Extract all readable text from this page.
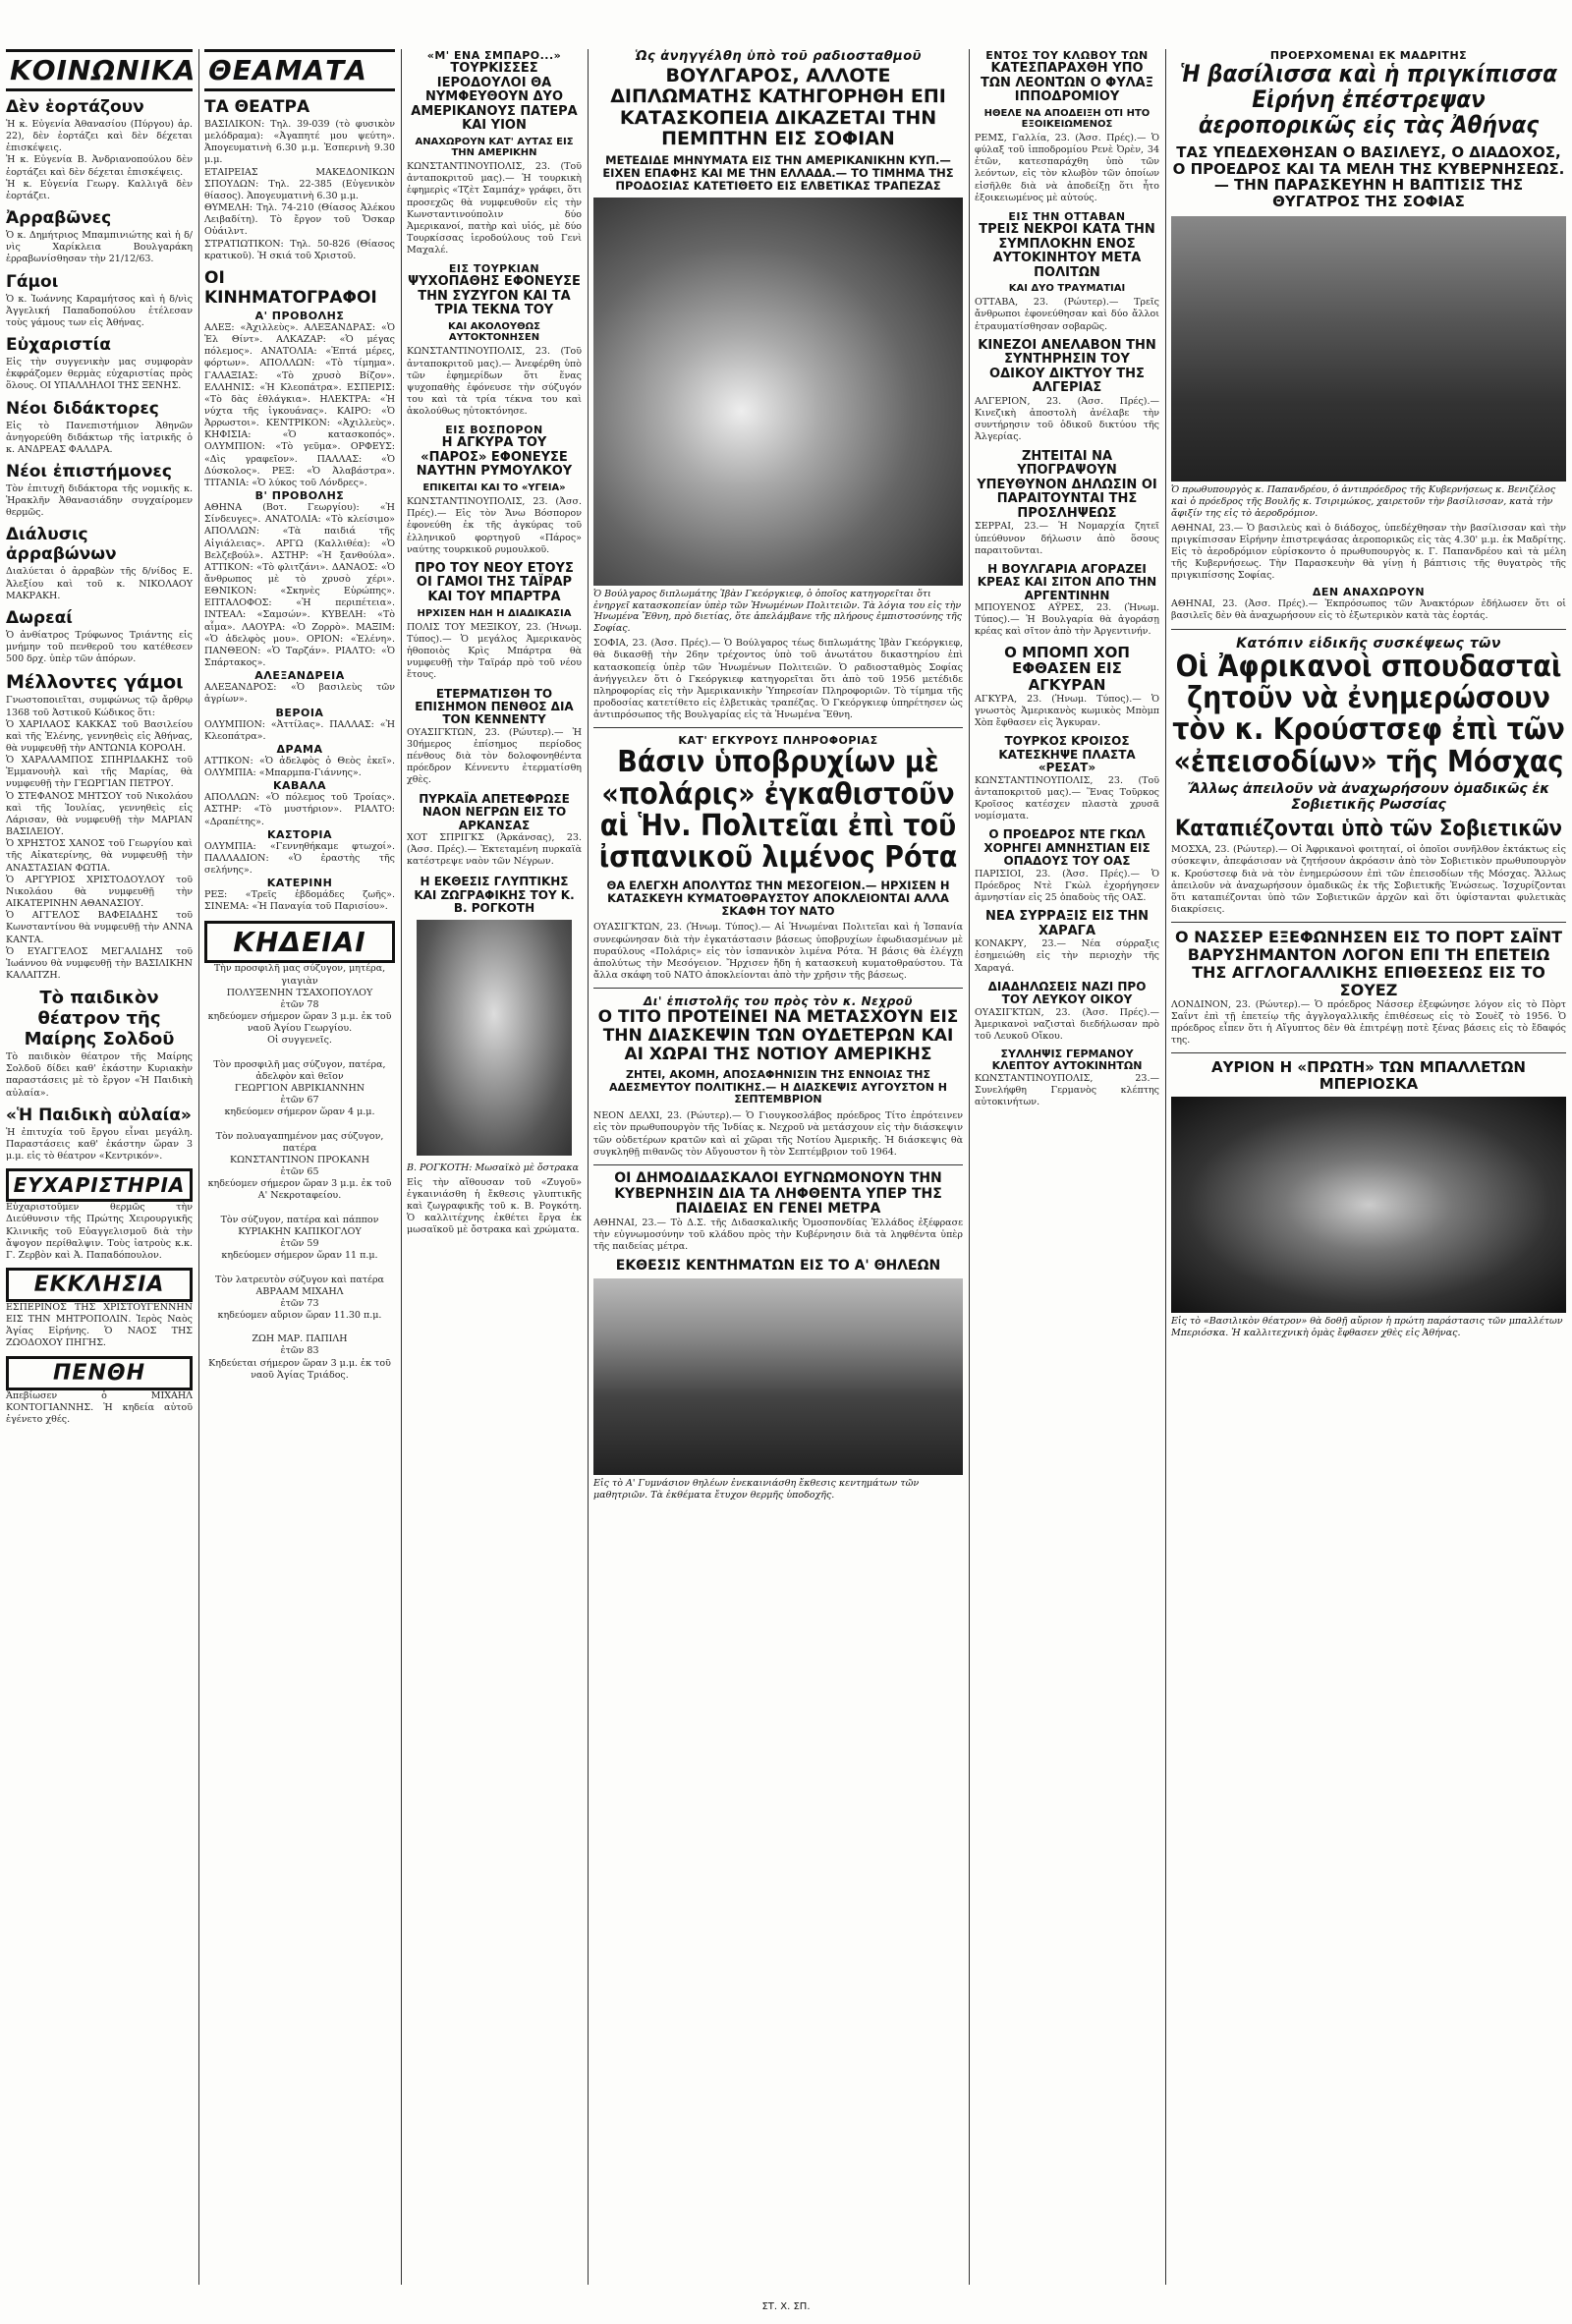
ΚΟΙΝΩΝΙΚΑ
Δὲν ἑορτάζουν
Ἡ κ. Εὐγενία Ἀθανασίου (Πύργου) ἀρ. 22), δὲν ἑορτάζει καὶ δὲν δέχεται ἐπισκέψεις.
Ἡ κ. Εὐγενία Β. Ἀνδριανοπούλου δὲν ἑορτάζει καὶ δὲν δέχεται ἐπισκέψεις.
Ἡ κ. Εὐγενία Γεωργ. Καλλιγᾶ δὲν ἑορτάζει.
Ἀρραβῶνες
Ὁ κ. Δημήτριος Μπαμπινιώτης καὶ ἡ δ/νὶς Χαρίκλεια Βουλγαράκη ἐρραβωνίσθησαν τὴν 21/12/63.
Γάμοι
Ὁ κ. Ἰωάννης Καραμήτσος καὶ ἡ δ/νὶς Ἀγγελική Παπαδοπούλου ἐτέλεσαν τοὺς γάμους των εἰς Ἀθήνας.
Εὐχαριστία
Εἰς τὴν συγγενικὴν μας συμφορὰν ἐκφράζομεν θερμὰς εὐχαριστίας πρὸς ὅλους. ΟΙ ΥΠΑΛΛΗΛΟΙ ΤΗΣ ΞΕΝΗΣ.
Νέοι διδάκτορες
Εἰς τὸ Πανεπιστήμιον Ἀθηνῶν ἀνηγορεύθη διδάκτωρ τῆς ἰατρικῆς ὁ κ. ΑΝΔΡΕΑΣ ΦΑΛΔΡΑ.
Νέοι ἐπιστήμονες
Τὸν ἐπιτυχῆ διδάκτορα τῆς νομικῆς κ. Ἡρακλῆν Ἀθανασιάδην συγχαίρομεν θερμῶς.
Διάλυσις ἀρραβώνων
Διαλύεται ὁ ἀρραβὼν τῆς δ/νίδος Ε. Ἀλεξίου καὶ τοῦ κ. ΝΙΚΟΛΑΟΥ ΜΑΚΡΑΚΗ.
Δωρεαί
Ὁ ἀνθίατρος Τρύφωνος Τριάντης εἰς μνήμην τοῦ πενθεροῦ του κατέθεσεν 500 δρχ. ὑπὲρ τῶν ἀπόρων.
Μέλλοντες γάμοι
Γνωστοποιεῖται, συμφώνως τῷ ἄρθρῳ 1368 τοῦ Ἀστικοῦ Κώδικος ὅτι:
Ὁ ΧΑΡΙΛΑΟΣ ΚΑΚΚΑΣ τοῦ Βασιλείου καὶ τῆς Ἐλένης, γεννηθεὶς εἰς Ἀθήνας, θὰ νυμφευθῇ τὴν ΑΝΤΩΝΙΑ ΚΟΡΟΛΗ.
Ὁ ΧΑΡΑΛΑΜΠΟΣ ΣΠΗΡΙΔΑΚΗΣ τοῦ Ἐμμανουὴλ καὶ τῆς Μαρίας, θὰ νυμφευθῇ τὴν ΓΕΩΡΓΙΑΝ ΠΕΤΡΟΥ.
Ὁ ΣΤΕΦΑΝΟΣ ΜΗΤΣΟΥ τοῦ Νικολάου καὶ τῆς Ἰουλίας, γεννηθεὶς εἰς Λάρισαν, θὰ νυμφευθῇ τὴν ΜΑΡΙΑΝ ΒΑΣΙΛΕΙΟΥ.
Ὁ ΧΡΗΣΤΟΣ ΧΑΝΟΣ τοῦ Γεωργίου καὶ τῆς Αἰκατερίνης, θὰ νυμφευθῇ τὴν ΑΝΑΣΤΑΣΙΑΝ ΦΩΤΙΑ.
Ὁ ΑΡΓΥΡΙΟΣ ΧΡΙΣΤΟΔΟΥΛΟΥ τοῦ Νικολάου θὰ νυμφευθῇ τὴν ΑΙΚΑΤΕΡΙΝΗΝ ΑΘΑΝΑΣΙΟΥ.
Ὁ ΑΓΓΕΛΟΣ ΒΑΦΕΙΑΔΗΣ τοῦ Κωνσταντίνου θὰ νυμφευθῇ τὴν ΑΝΝΑ ΚΑΝΤΑ.
Ὁ ΕΥΑΓΓΕΛΟΣ ΜΕΓΑΛΙΔΗΣ τοῦ Ἰωάννου θὰ νυμφευθῇ τὴν ΒΑΣΙΛΙΚΗΝ ΚΑΛΑΙΤΖΗ.
Τὸ παιδικὸν θέατρον τῆς Μαίρης Σολδοῦ
Τὸ παιδικὸν θέατρον τῆς Μαίρης Σολδοῦ δίδει καθ' ἑκάστην Κυριακὴν παραστάσεις μὲ τὸ ἔργον «Ἡ Παιδικὴ αὐλαία».
«Ἡ Παιδικὴ αὐλαία»
Ἡ ἐπιτυχία τοῦ ἔργου εἶναι μεγάλη. Παραστάσεις καθ' ἑκάστην ὥραν 3 μ.μ. εἰς τὸ θέατρον «Κεντρικόν».
ΕΥΧΑΡΙΣΤΗΡΙΑ
Εὐχαριστοῦμεν θερμῶς τὴν Διεύθυνσιν τῆς Πρώτης Χειρουργικῆς Κλινικῆς τοῦ Εὐαγγελισμοῦ διὰ τὴν ἄψογον περίθαλψιν. Τοὺς ἰατροὺς κ.κ. Γ. Ζερβὸν καὶ Ἀ. Παπαδόπουλον.
ΕΚΚΛΗΣΙΑ
ΕΣΠΕΡΙΝΟΣ ΤΗΣ ΧΡΙΣΤΟΥΓΕΝΝΗΝ ΕΙΣ ΤΗΝ ΜΗΤΡΟΠΟΛΙΝ. Ἱερὸς Ναὸς Ἁγίας Εἰρήνης. Ὁ ΝΑΟΣ ΤΗΣ ΖΩΟΔΟΧΟΥ ΠΗΓΗΣ.
ΠΕΝΘΗ
Ἀπεβίωσεν ὁ ΜΙΧΑΗΛ ΚΟΝΤΟΓΙΑΝΝΗΣ. Ἡ κηδεία αὐτοῦ ἐγένετο χθές.
ΘΕΑΜΑΤΑ
ΤΑ ΘΕΑΤΡΑ
ΒΑΣΙΛΙΚΟΝ: Τηλ. 39-039 (τὸ φυσικὸν μελόδραμα): «Ἀγαπητέ μου ψεύτη». Ἀπογευματινὴ 6.30 μ.μ. Ἑσπερινὴ 9.30 μ.μ.
ΕΤΑΙΡΕΙΑΣ ΜΑΚΕΔΟΝΙΚΩΝ ΣΠΟΥΔΩΝ: Τηλ. 22-385 (Εὐγενικὸν θίασος). Ἀπογευματινὴ 6.30 μ.μ.
ΘΥΜΕΛΗ: Τηλ. 74-210 (Θίασος Ἀλέκου Λειβαδίτη). Τὸ ἔργον τοῦ Ὄσκαρ Οὐάιλντ.
ΣΤΡΑΤΙΩΤΙΚΟΝ: Τηλ. 50-826 (Θίασος κρατικοῦ). Ἡ σκιά τοῦ Χριστοῦ.
ΟΙ ΚΙΝΗΜΑΤΟΓΡΑΦΟΙ
Α' ΠΡΟΒΟΛΗΣ
ΑΛΕΞ: «Ἀχιλλεὺς». ΑΛΕΞΑΝΔΡΑΣ: «Ὁ Ἑλ Θίντ». ΑΛΚΑΖΑΡ: «Ὁ μέγας πόλεμος». ΑΝΑΤΟΛΙΑ: «Ἐπτά μέρες, φόρτων». ΑΠΟΛΛΩΝ: «Τὸ τίμημα». ΓΑΛΑΞΙΑΣ: «Τὸ χρυσὸ Βίζον». ΕΛΛΗΝΙΣ: «Ἡ Κλεοπάτρα». ΕΣΠΕΡΙΣ: «Τὸ δὰς ἐθλάγκια». ΗΛΕΚΤΡΑ: «Ἡ νύχτα τῆς ἰγκουάνας». ΚΑΙΡΟ: «Ὁ Ἀρρωστοι». ΚΕΝΤΡΙΚΟΝ: «Ἀχιλλεὺς». ΚΗΦΙΣΙΑ: «Ὁ κατασκοπός». ΟΛΥΜΠΙΟΝ: «Τὸ γεῦμα». ΟΡΦΕΥΣ: «Δὶς γραφεῖον». ΠΑΛΛΑΣ: «Ὁ Δύσκολος». ΡΕΞ: «Ὁ Ἀλαβάστρα». ΤΙΤΑΝΙΑ: «Ὁ λύκος τοῦ Λόνδρες».
Β' ΠΡΟΒΟΛΗΣ
ΑΘΗΝΑ (Βοτ. Γεωργίου): «Ἡ Σίνδευγες». ΑΝΑΤΟΛΙΑ: «Τὸ κλείσιμο» ΑΠΟΛΛΩΝ: «Τὰ παιδιά τῆς Αἰγιάλειας». ΑΡΓΩ (Καλλιθέα): «Ὁ Βελζεβούλ». ΑΣΤΗΡ: «Ἡ ξανθούλα». ΑΤΤΙΚΟΝ: «Τὸ φλιτζάνι». ΔΑΝΑΟΣ: «Ὁ ἄνθρωπος μὲ τὸ χρυσὸ χέρι». ΕΘΝΙΚΟΝ: «Σκηνὲς Εὐρώπης». ΕΠΤΑΛΟΦΟΣ: «Ἡ περιπέτεια». ΙΝΤΕΑΛ: «Σαμσών». ΚΥΒΕΛΗ: «Τὸ αἷμα». ΛΑΟΥΡΑ: «Ὁ Ζορρὸ». ΜΑΞΙΜ: «Ὁ ἀδελφὸς μου». ΟΡΙΟΝ: «Ἐλένη». ΠΑΝΘΕΟΝ: «Ὁ Ταρζάν». ΡΙΑΛΤΟ: «Ὁ Σπάρτακος».
ΑΛΕΞΑΝΔΡΕΙΑ
ΑΛΕΞΑΝΔΡΟΣ: «Ὁ βασιλεὺς τῶν ἀγρίων».
ΒΕΡΟΙΑ
ΟΛΥΜΠΙΟΝ: «Ἀττίλας». ΠΑΛΛΑΣ: «Ἡ Κλεοπάτρα».
ΔΡΑΜΑ
ΑΤΤΙΚΟΝ: «Ὁ ἀδελφὸς ὁ Θεὸς ἐκεῖ». ΟΛΥΜΠΙΑ: «Μπαρμπα-Γιάννης».
ΚΑΒΑΛΑ
ΑΠΟΛΛΩΝ: «Ὁ πόλεμος τοῦ Τροίας». ΑΣΤΗΡ: «Τὸ μυστήριον». ΡΙΑΛΤΟ: «Δραπέτης».
ΚΑΣΤΟΡΙΑ
ΟΛΥΜΠΙΑ: «Γεννηθήκαμε φτωχοί». ΠΑΛΛΑΔΙΟΝ: «Ὁ ἐραστὴς τῆς σελήνης».
ΚΑΤΕΡΙΝΗ
ΡΕΞ: «Τρεῖς ἑβδομάδες ζωῆς». ΣΙΝΕΜΑ: «Ἡ Παναγία τοῦ Παρισίου».
ΚΗΔΕΙΑΙ
Τὴν προσφιλῆ μας σύζυγον, μητέρα, γιαγιὰν
ΠΟΛΥΞΕΝΗΝ ΤΣΑΧΟΠΟΥΛΟΥ
ἐτῶν 78
κηδεύομεν σήμερον ὥραν 3 μ.μ. ἐκ τοῦ ναοῦ Ἁγίου Γεωργίου.
Οἱ συγγενεῖς.

Τὸν προσφιλῆ μας σύζυγον, πατέρα, ἀδελφὸν καὶ θεῖον
ΓΕΩΡΓΙΟΝ ΑΒΡΙΚΙΑΝΝΗΝ
ἐτῶν 67
κηδεύομεν σήμερον ὥραν 4 μ.μ.

Τὸν πολυαγαπημένον μας σύζυγον, πατέρα
ΚΩΝΣΤΑΝΤΙΝΟΝ ΠΡΟΚΑΝΗ
ἐτῶν 65
κηδεύομεν σήμερον ὥραν 3 μ.μ. ἐκ τοῦ Α' Νεκροταφείου.

Τὸν σύζυγον, πατέρα καὶ πάππον
ΚΥΡΙΑΚΗΝ ΚΑΠΙΚΟΓΛΟΥ
ἐτῶν 59
κηδεύομεν σήμερον ὥραν 11 π.μ.

Τὸν λατρευτὸν σύζυγον καὶ πατέρα
ΑΒΡΑΑΜ ΜΙΧΑΗΛ
ἐτῶν 73
κηδεύομεν αὔριον ὥραν 11.30 π.μ.

ΖΩΗ ΜΑΡ. ΠΑΠΙΛΗ
ἐτῶν 83
Κηδεύεται σήμερον ὥραν 3 μ.μ. ἐκ τοῦ ναοῦ Ἁγίας Τριάδος.
«Μ' ΕΝΑ ΣΜΠΑΡΟ...»
ΤΟΥΡΚΙΣΣΕΣ ΙΕΡΟΔΟΥΛΟΙ ΘΑ ΝΥΜΦΕΥΘΟΥΝ ΔΥΟ ΑΜΕΡΙΚΑΝΟΥΣ ΠΑΤΕΡΑ ΚΑΙ ΥΙΟΝ
ΑΝΑΧΩΡΟΥΝ ΚΑΤ' ΑΥΤΑΣ ΕΙΣ ΤΗΝ ΑΜΕΡΙΚΗΝ
ΚΩΝΣΤΑΝΤΙΝΟΥΠΟΛΙΣ, 23. (Τοῦ ἀνταποκριτοῦ μας).— Ἡ τουρκικὴ ἐφημερὶς «Τζὲτ Σαμπάχ» γράφει, ὅτι προσεχῶς θὰ νυμφευθοῦν εἰς τὴν Κωνσταντινούπολιν δύο Ἀμερικανοί, πατὴρ καὶ υἱός, μὲ δύο Τουρκίσσας ἱεροδούλους τοῦ Γενὶ Μαχαλέ.
ΕΙΣ ΤΟΥΡΚΙΑΝ
ΨΥΧΟΠΑΘΗΣ ΕΦΟΝΕΥΣΕ ΤΗΝ ΣΥΖΥΓΟΝ ΚΑΙ ΤΑ ΤΡΙΑ ΤΕΚΝΑ ΤΟΥ
ΚΑΙ ΑΚΟΛΟΥΘΩΣ ΑΥΤΟΚΤΟΝΗΣΕΝ
ΚΩΝΣΤΑΝΤΙΝΟΥΠΟΛΙΣ, 23. (Τοῦ ἀνταποκριτοῦ μας).— Ἀνεφέρθη ὑπὸ τῶν ἐφημερίδων ὅτι ἕνας ψυχοπαθὴς ἐφόνευσε τὴν σύζυγόν του καὶ τὰ τρία τέκνα του καὶ ἀκολούθως ηὐτοκτόνησε.
ΕΙΣ ΒΟΣΠΟΡΟΝ
Η ΑΓΚΥΡΑ ΤΟΥ «ΠΑΡΟΣ» ΕΦΟΝΕΥΣΕ ΝΑΥΤΗΝ ΡΥΜΟΥΛΚΟΥ
ΕΠΙΚΕΙΤΑΙ ΚΑΙ ΤΟ «ΥΓΕΙΑ»
ΚΩΝΣΤΑΝΤΙΝΟΥΠΟΛΙΣ, 23. (Ἀσσ. Πρές).— Εἰς τὸν Ἄνω Βόσπορον ἐφονεύθη ἐκ τῆς ἀγκύρας τοῦ ἑλληνικοῦ φορτηγοῦ «Πάρος» ναύτης τουρκικοῦ ρυμουλκοῦ.
ΠΡΟ ΤΟΥ ΝΕΟΥ ΕΤΟΥΣ ΟΙ ΓΑΜΟΙ ΤΗΣ ΤΑΪΡΑΡ ΚΑΙ ΤΟΥ ΜΠΑΡΤΡΑ
ΗΡΧΙΣΕΝ ΗΔΗ Η ΔΙΑΔΙΚΑΣΙΑ
ΠΟΛΙΣ ΤΟΥ ΜΕΞΙΚΟΥ, 23. (Ἡνωμ. Τύπος).— Ὁ μεγάλος Ἀμερικανὸς ἡθοποιὸς Κρὶς Μπάρτρα θὰ νυμφευθῇ τὴν Ταϊράρ πρὸ τοῦ νέου ἔτους.
ΕΤΕΡΜΑΤΙΣΘΗ ΤΟ ΕΠΙΣΗΜΟΝ ΠΕΝΘΟΣ ΔΙΑ ΤΟΝ ΚΕΝΝΕΝΤΥ
ΟΥΑΣΙΓΚΤΩΝ, 23. (Ρώυτερ).— Ἡ 30ήμερος ἐπίσημος περίοδος πένθους διὰ τὸν δολοφονηθέντα πρόεδρον Κέννεντυ ἐτερματίσθη χθὲς.
ΠΥΡΚΑΪΑ ΑΠΕΤΕΦΡΩΣΕ ΝΑΟΝ ΝΕΓΡΩΝ ΕΙΣ ΤΟ ΑΡΚΑΝΣΑΣ
ΧΟΤ ΣΠΡΙΓΚΣ (Ἀρκάνσας), 23. (Ἀσσ. Πρές).— Ἐκτεταμένη πυρκαϊὰ κατέστρεψε ναὸν τῶν Νέγρων.
Η ΕΚΘΕΣΙΣ ΓΛΥΠΤΙΚΗΣ ΚΑΙ ΖΩΓΡΑΦΙΚΗΣ ΤΟΥ Κ. Β. ΡΟΓΚΟΤΗ
Β. ΡΟΓΚΟΤΗ: Μωσαϊκὸ μὲ ὄστρακα
Εἰς τὴν αἴθουσαν τοῦ «Ζυγοῦ» ἐγκαινιάσθη ἡ ἔκθεσις γλυπτικῆς καὶ ζωγραφικῆς τοῦ κ. Β. Ρογκότη. Ὁ καλλιτέχνης ἐκθέτει ἔργα ἐκ μωσαϊκοῦ μὲ ὄστρακα καὶ χρώματα.
Ὡς ἀνηγγέλθη ὑπὸ τοῦ ραδιοσταθμοῦ
ΒΟΥΛΓΑΡΟΣ, ΑΛΛΟΤΕ ΔΙΠΛΩΜΑΤΗΣ ΚΑΤΗΓΟΡΗΘΗ ΕΠΙ ΚΑΤΑΣΚΟΠΕΙΑ ΔΙΚΑΖΕΤΑΙ ΤΗΝ ΠΕΜΠΤΗΝ ΕΙΣ ΣΟΦΙΑΝ
ΜΕΤΕΔΙΔΕ ΜΗΝΥΜΑΤΑ ΕΙΣ ΤΗΝ ΑΜΕΡΙΚΑΝΙΚΗΝ ΚΥΠ.— ΕΙΧΕΝ ΕΠΑΦΗΣ ΚΑΙ ΜΕ ΤΗΝ ΕΛΛΑΔΑ.— ΤΟ ΤΙΜΗΜΑ ΤΗΣ ΠΡΟΔΟΣΙΑΣ ΚΑΤΕΤΙΘΕΤΟ ΕΙΣ ΕΛΒΕΤΙΚΑΣ ΤΡΑΠΕΖΑΣ
Ὁ Βούλγαρος διπλωμάτης Ἰβὰν Γκεόργκιεφ, ὁ ὁποῖος κατηγορεῖται ὅτι ἐνηργεῖ κατασκοπείαν ὑπὲρ τῶν Ἡνωμένων Πολιτειῶν. Τὰ λόγια του εἰς τὴν Ἡνωμένα Ἔθνη, πρὸ διετίας, ὅτε ἀπελάμβανε τῆς πλήρους ἐμπιστοσύνης τῆς Σοφίας.
ΣΟΦΙΑ, 23. (Ἀσσ. Πρές).— Ὁ Βούλγαρος τέως διπλωμάτης Ἰβὰν Γκεόργκιεφ, θὰ δικασθῇ τὴν 26ην τρέχοντος ὑπὸ τοῦ ἀνωτάτου δικαστηρίου ἐπὶ κατασκοπείᾳ ὑπὲρ τῶν Ἡνωμένων Πολιτειῶν. Ὁ ραδιοσταθμὸς Σοφίας ἀνήγγειλεν ὅτι ὁ Γκεόργκιεφ κατηγορεῖται ὅτι ἀπὸ τοῦ 1956 μετέδιδε πληροφορίας εἰς τὴν Ἀμερικανικὴν Ὑπηρεσίαν Πληροφοριῶν. Τὸ τίμημα τῆς προδοσίας κατετίθετο εἰς ἐλβετικὰς τραπέζας. Ὁ Γκεόργκιεφ ὑπηρέτησεν ὡς ἀντιπρόσωπος τῆς Βουλγαρίας εἰς τὰ Ἡνωμένα Ἔθνη.
ΚΑΤ' ΕΓΚΥΡΟΥΣ ΠΛΗΡΟΦΟΡΙΑΣ
Βάσιν ὑποβρυχίων μὲ «πολάρις» ἐγκαθιστοῦν αἱ Ἡν. Πολιτεῖαι ἐπὶ τοῦ ἰσπανικοῦ λιμένος Ρότα
ΘΑ ΕΛΕΓΧΗ ΑΠΟΛΥΤΩΣ ΤΗΝ ΜΕΣΟΓΕΙΟΝ.— ΗΡΧΙΣΕΝ Η ΚΑΤΑΣΚΕΥΗ ΚΥΜΑΤΟΘΡΑΥΣΤΟΥ ΑΠΟΚΛΕΙΟΝΤΑΙ ΑΛΛΑ ΣΚΑΦΗ ΤΟΥ ΝΑΤΟ
ΟΥΑΣΙΓΚΤΩΝ, 23. (Ἡνωμ. Τύπος).— Αἱ Ἡνωμέναι Πολιτεῖαι καὶ ἡ Ἰσπανία συνεφώνησαν διὰ τὴν ἐγκατάστασιν βάσεως ὑποβρυχίων ἐφωδιασμένων μὲ πυραύλους «Πολάρις» εἰς τὸν ἰσπανικὸν λιμένα Ρότα. Ἡ βάσις θὰ ἐλέγχῃ ἀπολύτως τὴν Μεσόγειον. Ἤρχισεν ἤδη ἡ κατασκευὴ κυματοθραύστου. Τὰ ἄλλα σκάφη τοῦ ΝΑΤΟ ἀποκλείονται ἀπὸ τὴν χρῆσιν τῆς βάσεως.
Δι' ἐπιστολῆς του πρὸς τὸν κ. Νεχροῦ
Ο ΤΙΤΟ ΠΡΟΤΕΙΝΕΙ ΝΑ ΜΕΤΑΣΧΟΥΝ ΕΙΣ ΤΗΝ ΔΙΑΣΚΕΨΙΝ ΤΩΝ ΟΥΔΕΤΕΡΩΝ ΚΑΙ ΑΙ ΧΩΡΑΙ ΤΗΣ ΝΟΤΙΟΥ ΑΜΕΡΙΚΗΣ
ΖΗΤΕΙ, ΑΚΟΜΗ, ΑΠΟΣΑΦΗΝΙΣΙΝ ΤΗΣ ΕΝΝΟΙΑΣ ΤΗΣ ΑΔΕΣΜΕΥΤΟΥ ΠΟΛΙΤΙΚΗΣ.— Η ΔΙΑΣΚΕΨΙΣ ΑΥΓΟΥΣΤΟΝ Η ΣΕΠΤΕΜΒΡΙΟΝ
ΝΕΟΝ ΔΕΛΧΙ, 23. (Ρώυτερ).— Ὁ Γιουγκοσλάβος πρόεδρος Τίτο ἐπρότεινεν εἰς τὸν πρωθυπουργὸν τῆς Ἰνδίας κ. Νεχροῦ νὰ μετάσχουν εἰς τὴν διάσκεψιν τῶν οὐδετέρων κρατῶν καὶ αἱ χῶραι τῆς Νοτίου Ἀμερικῆς. Ἡ διάσκεψις θὰ συγκληθῇ πιθανῶς τὸν Αὔγουστον ἢ τὸν Σεπτέμβριον τοῦ 1964.
ΟΙ ΔΗΜΟΔΙΔΑΣΚΑΛΟΙ ΕΥΓΝΩΜΟΝΟΥΝ ΤΗΝ ΚΥΒΕΡΝΗΣΙΝ ΔΙΑ ΤΑ ΛΗΦΘΕΝΤΑ ΥΠΕΡ ΤΗΣ ΠΑΙΔΕΙΑΣ ΕΝ ΓΕΝΕΙ ΜΕΤΡΑ
ΑΘΗΝΑΙ, 23.— Τὸ Δ.Σ. τῆς Διδασκαλικῆς Ὁμοσπονδίας Ἑλλάδος ἐξέφρασε τὴν εὐγνωμοσύνην τοῦ κλάδου πρὸς τὴν Κυβέρνησιν διὰ τὰ ληφθέντα ὑπὲρ τῆς παιδείας μέτρα.
ΕΚΘΕΣΙΣ ΚΕΝΤΗΜΑΤΩΝ ΕΙΣ ΤΟ Α' ΘΗΛΕΩΝ
Εἰς τὸ Α' Γυμνάσιον θηλέων ἐνεκαινιάσθη ἔκθεσις κεντημάτων τῶν μαθητριῶν. Τὰ ἐκθέματα ἔτυχον θερμῆς ὑποδοχῆς.
ΕΝΤΟΣ ΤΟΥ ΚΛΩΒΟΥ ΤΩΝ
ΚΑΤΕΣΠΑΡΑΧΘΗ ΥΠΟ ΤΩΝ ΛΕΟΝΤΩΝ Ο ΦΥΛΑΞ ΙΠΠΟΔΡΟΜΙΟΥ
ΗΘΕΛΕ ΝΑ ΑΠΟΔΕΙΞΗ ΟΤΙ ΗΤΟ ΕΞΟΙΚΕΙΩΜΕΝΟΣ
ΡΕΜΣ, Γαλλία, 23. (Ἀσσ. Πρές).— Ὁ φύλαξ τοῦ ἱπποδρομίου Ρενὲ Ὀρὲν, 34 ἐτῶν, κατεσπαράχθη ὑπὸ τῶν λεόντων, εἰς τὸν κλωβὸν τῶν ὁποίων εἰσῆλθε διὰ νὰ ἀποδείξῃ ὅτι ἦτο ἐξοικειωμένος μὲ αὐτούς.
ΕΙΣ ΤΗΝ ΟΤΤΑΒΑΝ
ΤΡΕΙΣ ΝΕΚΡΟΙ ΚΑΤΑ ΤΗΝ ΣΥΜΠΛΟΚΗΝ ΕΝΟΣ ΑΥΤΟΚΙΝΗΤΟΥ ΜΕΤΑ ΠΟΛΙΤΩΝ
ΚΑΙ ΔΥΟ ΤΡΑΥΜΑΤΙΑΙ
ΟΤΤΑΒΑ, 23. (Ρώυτερ).— Τρεῖς ἄνθρωποι ἐφονεύθησαν καὶ δύο ἄλλοι ἐτραυματίσθησαν σοβαρῶς.
ΚΙΝΕΖΟΙ ΑΝΕΛΑΒΟΝ ΤΗΝ ΣΥΝΤΗΡΗΣΙΝ ΤΟΥ ΟΔΙΚΟΥ ΔΙΚΤΥΟΥ ΤΗΣ ΑΛΓΕΡΙΑΣ
ΑΛΓΕΡΙΟΝ, 23. (Ἀσσ. Πρές).— Κινεζικὴ ἀποστολὴ ἀνέλαβε τὴν συντήρησιν τοῦ ὁδικοῦ δικτύου τῆς Ἀλγερίας.
ΖΗΤΕΙΤΑΙ ΝΑ ΥΠΟΓΡΑΨΟΥΝ ΥΠΕΥΘΥΝΟΝ ΔΗΛΩΣΙΝ ΟΙ ΠΑΡΑΙΤΟΥΝΤΑΙ ΤΗΣ ΠΡΟΣΛΗΨΕΩΣ
ΣΕΡΡΑΙ, 23.— Ἡ Νομαρχία ζητεῖ ὑπεύθυνον δήλωσιν ἀπὸ ὅσους παραιτοῦνται.
Η ΒΟΥΛΓΑΡΙΑ ΑΓΟΡΑΖΕΙ ΚΡΕΑΣ ΚΑΙ ΣΙΤΟΝ ΑΠΟ ΤΗΝ ΑΡΓΕΝΤΙΝΗΝ
ΜΠΟΥΕΝΟΣ ΑΫΡΕΣ, 23. (Ἡνωμ. Τύπος).— Ἡ Βουλγαρία θὰ ἀγοράσῃ κρέας καὶ σῖτον ἀπὸ τὴν Ἀργεντινήν.
Ο ΜΠΟΜΠ ΧΟΠ ΕΦΘΑΣΕΝ ΕΙΣ ΑΓΚΥΡΑΝ
ΑΓΚΥΡΑ, 23. (Ἡνωμ. Τύπος).— Ὁ γνωστὸς Ἀμερικανὸς κωμικὸς Μπὸμπ Χὸπ ἔφθασεν εἰς Ἄγκυραν.
ΤΟΥΡΚΟΣ ΚΡΟΙΣΟΣ ΚΑΤΕΣΚΗΨΕ ΠΛΑΣΤΑ «ΡΕΣΑΤ»
ΚΩΝΣΤΑΝΤΙΝΟΥΠΟΛΙΣ, 23. (Τοῦ ἀνταποκριτοῦ μας).— Ἕνας Τοῦρκος Κροῖσος κατέσχεν πλαστὰ χρυσᾶ νομίσματα.
Ο ΠΡΟΕΔΡΟΣ ΝΤΕ ΓΚΩΛ ΧΟΡΗΓΕΙ ΑΜΝΗΣΤΙΑΝ ΕΙΣ ΟΠΑΔΟΥΣ ΤΟΥ ΟΑΣ
ΠΑΡΙΣΙΟΙ, 23. (Ἀσσ. Πρές).— Ὁ Πρόεδρος Ντὲ Γκὼλ ἐχορήγησεν ἀμνηστίαν εἰς 25 ὀπαδοὺς τῆς ΟΑΣ.
ΝΕΑ ΣΥΡΡΑΞΙΣ ΕΙΣ ΤΗΝ ΧΑΡΑΓΑ
ΚΟΝΑΚΡΥ, 23.— Νέα σύρραξις ἐσημειώθη εἰς τὴν περιοχὴν τῆς Χαραγά.
ΔΙΑΔΗΛΩΣΕΙΣ ΝΑΖΙ ΠΡΟ ΤΟΥ ΛΕΥΚΟΥ ΟΙΚΟΥ
ΟΥΑΣΙΓΚΤΩΝ, 23. (Ἀσσ. Πρές).— Ἀμερικανοὶ ναζισταὶ διεδήλωσαν πρὸ τοῦ Λευκοῦ Οἴκου.
ΣΥΛΛΗΨΙΣ ΓΕΡΜΑΝΟΥ ΚΛΕΠΤΟΥ ΑΥΤΟΚΙΝΗΤΩΝ
ΚΩΝΣΤΑΝΤΙΝΟΥΠΟΛΙΣ, 23.— Συνελήφθη Γερμανὸς κλέπτης αὐτοκινήτων.
ΠΡΟΕΡΧΟΜΕΝΑΙ ΕΚ ΜΑΔΡΙΤΗΣ
Ἡ βασίλισσα καὶ ἡ πριγκίπισσα Εἰρήνη ἐπέστρεψαν ἀεροπορικῶς εἰς τὰς Ἀθήνας
ΤΑΣ ΥΠΕΔΕΧΘΗΣΑΝ Ο ΒΑΣΙΛΕΥΣ, Ο ΔΙΑΔΟΧΟΣ, Ο ΠΡΟΕΔΡΟΣ ΚΑΙ ΤΑ ΜΕΛΗ ΤΗΣ ΚΥΒΕΡΝΗΣΕΩΣ.— ΤΗΝ ΠΑΡΑΣΚΕΥΗΝ Η ΒΑΠΤΙΣΙΣ ΤΗΣ ΘΥΓΑΤΡΟΣ ΤΗΣ ΣΟΦΙΑΣ
Ὁ πρωθυπουργὸς κ. Παπανδρέου, ὁ ἀντιπρόεδρος τῆς Κυβερνήσεως κ. Βενιζέλος καὶ ὁ πρόεδρος τῆς Βουλῆς κ. Τσιριμώκος, χαιρετοῦν τὴν βασίλισσαν, κατὰ τὴν ἄφιξίν της εἰς τὸ ἀεροδρόμιον.
ΑΘΗΝΑΙ, 23.— Ὁ βασιλεὺς καὶ ὁ διάδοχος, ὑπεδέχθησαν τὴν βασίλισσαν καὶ τὴν πριγκίπισσαν Εἰρήνην ἐπιστρεψάσας ἀεροπορικῶς εἰς τὰς 4.30' μ.μ. ἐκ Μαδρίτης. Εἰς τὸ ἀεροδρόμιον εὑρίσκοντο ὁ πρωθυπουργὸς κ. Γ. Παπανδρέου καὶ τὰ μέλη τῆς Κυβερνήσεως. Τὴν Παρασκευὴν θὰ γίνῃ ἡ βάπτισις τῆς θυγατρὸς τῆς πριγκιπίσσης Σοφίας.
ΔΕΝ ΑΝΑΧΩΡΟΥΝ
ΑΘΗΝΑΙ, 23. (Ἀσσ. Πρές).— Ἐκπρόσωπος τῶν Ἀνακτόρων ἐδήλωσεν ὅτι οἱ βασιλεῖς δὲν θὰ ἀναχωρήσουν εἰς τὸ ἐξωτερικὸν κατὰ τὰς ἑορτάς.
Κατόπιν εἰδικῆς συσκέψεως τῶν
Οἱ Ἀφρικανοὶ σπουδασταὶ ζητοῦν νὰ ἐνημερώσουν τὸν κ. Κρούστσεφ ἐπὶ τῶν «ἐπεισοδίων» τῆς Μόσχας
Ἄλλως ἀπειλοῦν νὰ ἀναχωρήσουν ὁμαδικῶς ἐκ Σοβιετικῆς Ρωσσίας
Καταπιέζονται ὑπὸ τῶν Σοβιετικῶν
ΜΟΣΧΑ, 23. (Ρώυτερ).— Οἱ Ἀφρικανοὶ φοιτηταί, οἱ ὁποῖοι συνῆλθον ἐκτάκτως εἰς σύσκεψιν, ἀπεφάσισαν νὰ ζητήσουν ἀκρόασιν ἀπὸ τὸν Σοβιετικὸν πρωθυπουργὸν κ. Κρούστσεφ διὰ νὰ τὸν ἐνημερώσουν ἐπὶ τῶν ἐπεισοδίων τῆς Μόσχας. Ἄλλως ἀπειλοῦν νὰ ἀναχωρήσουν ὁμαδικῶς ἐκ τῆς Σοβιετικῆς Ἑνώσεως. Ἰσχυρίζονται ὅτι καταπιέζονται ὑπὸ τῶν Σοβιετικῶν ἀρχῶν καὶ ὅτι ὑφίστανται φυλετικὰς διακρίσεις.
Ο ΝΑΣΣΕΡ ΕΞΕΦΩΝΗΣΕΝ ΕΙΣ ΤΟ ΠΟΡΤ ΣΑΪΝΤ ΒΑΡΥΣΗΜΑΝΤΟΝ ΛΟΓΟΝ ΕΠΙ ΤΗ ΕΠΕΤΕΙΩ ΤΗΣ ΑΓΓΛΟΓΑΛΛΙΚΗΣ ΕΠΙΘΕΣΕΩΣ ΕΙΣ ΤΟ ΣΟΥΕΖ
ΛΟΝΔΙΝΟΝ, 23. (Ρώυτερ).— Ὁ πρόεδρος Νάσσερ ἐξεφώνησε λόγον εἰς τὸ Πὸρτ Σαΐντ ἐπὶ τῇ ἐπετείῳ τῆς ἀγγλογαλλικῆς ἐπιθέσεως εἰς τὸ Σουὲζ τὸ 1956. Ὁ πρόεδρος εἶπεν ὅτι ἡ Αἴγυπτος δὲν θὰ ἐπιτρέψῃ ποτὲ ξένας βάσεις εἰς τὸ ἔδαφός της.
ΑΥΡΙΟΝ Η «ΠΡΩΤΗ» ΤΩΝ ΜΠΑΛΛΕΤΩΝ ΜΠΕΡΙΟΣΚΑ
Εἰς τὸ «Βασιλικὸν θέατρον» θὰ δοθῇ αὔριον ἡ πρώτη παράστασις τῶν μπαλλέτων Μπεριόσκα. Ἡ καλλιτεχνικὴ ὁμὰς ἔφθασεν χθὲς εἰς Ἀθήνας.
ΣΤ. Χ. ΣΠ.
